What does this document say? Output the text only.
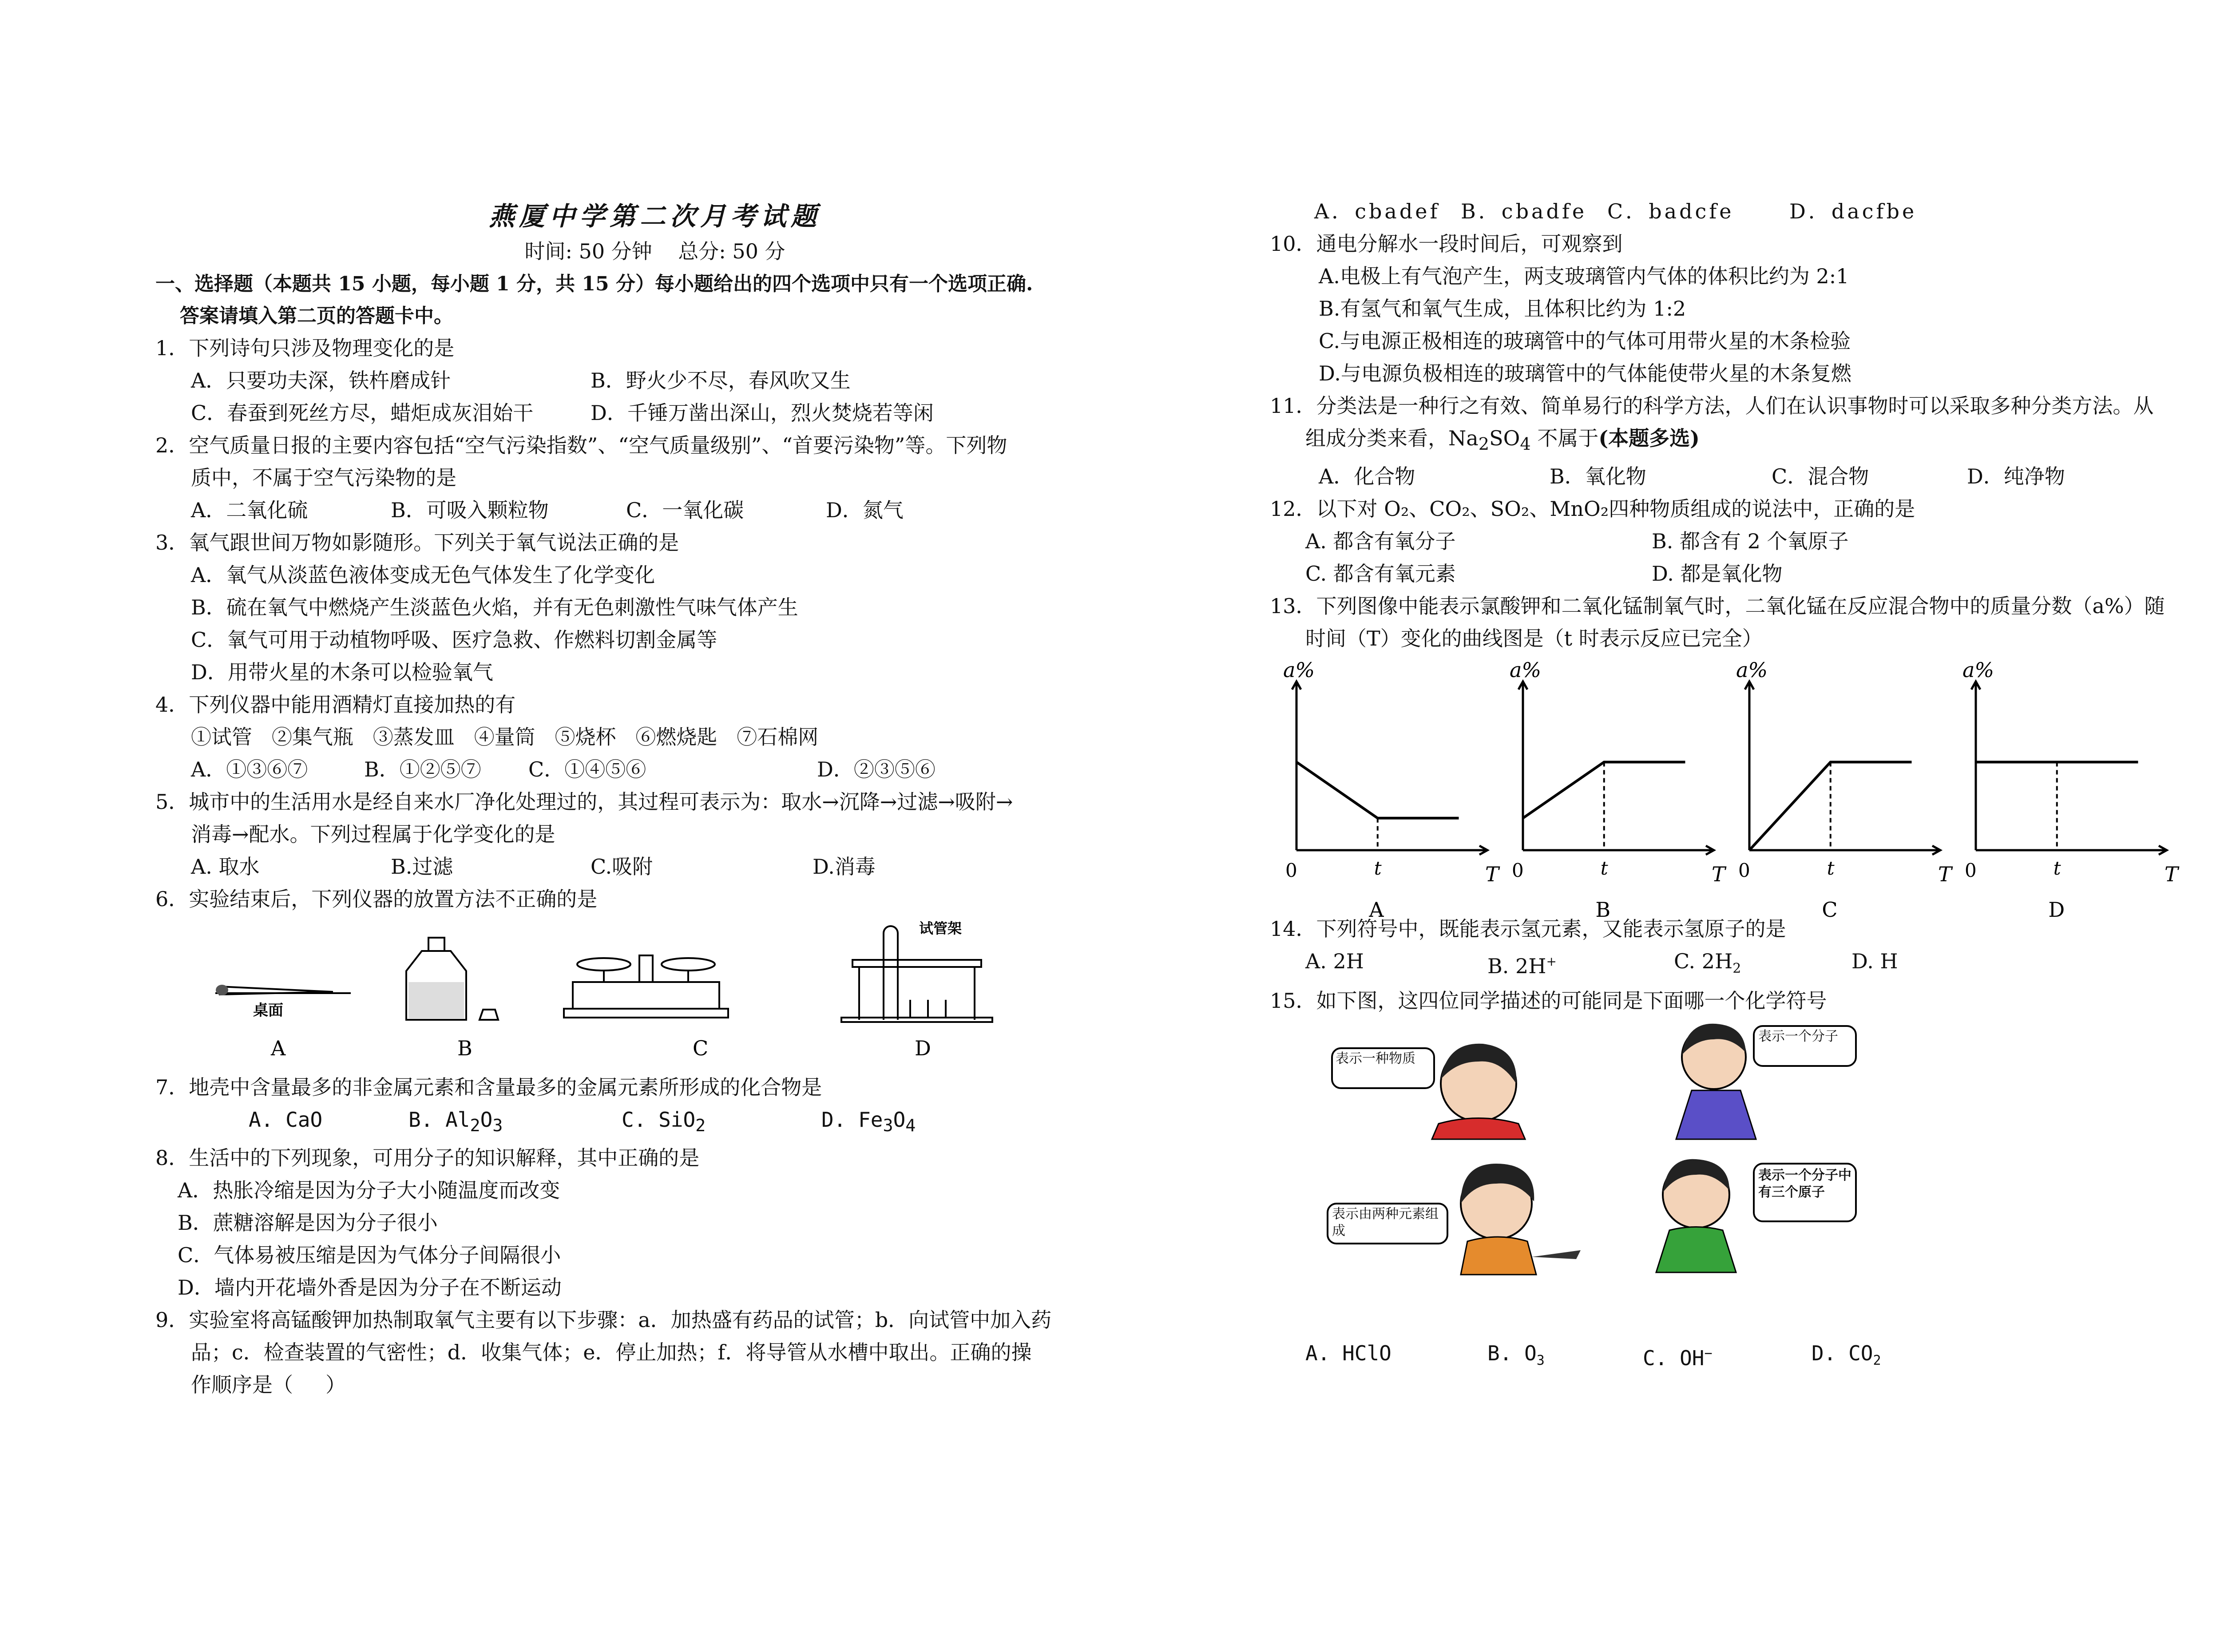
燕厦中学第二次月考试题
时间: 50 分钟    总分: 50 分
一、选择题（本题共 15 小题，每小题 1 分，共 15 分）每小题给出的四个选项中只有一个选项正确.
答案请填入第二页的答题卡中。
1．下列诗句只涉及物理变化的是
A．只要功夫深，铁杵磨成针	B．野火少不尽，春风吹又生
C．春蚕到死丝方尽，蜡炬成灰泪始干	D．千锤万凿出深山，烈火焚烧若等闲
2．空气质量日报的主要内容包括“空气污染指数”、“空气质量级别”、“首要污染物”等。下列物
质中，不属于空气污染物的是
A．二氧化硫	B．可吸入颗粒物	C．一氧化碳	D．氮气
3．氧气跟世间万物如影随形。下列关于氧气说法正确的是
A．氧气从淡蓝色液体变成无色气体发生了化学变化
B．硫在氧气中燃烧产生淡蓝色火焰，并有无色刺激性气味气体产生
C．氧气可用于动植物呼吸、医疗急救、作燃料切割金属等
D．用带火星的木条可以检验氧气
4．下列仪器中能用酒精灯直接加热的有
①试管   ②集气瓶   ③蒸发皿   ④量筒   ⑤烧杯   ⑥燃烧匙   ⑦石棉网
A．①③⑥⑦	B．①②⑤⑦	C．①④⑤⑥	D．②③⑤⑥
5．城市中的生活用水是经自来水厂净化处理过的，其过程可表示为：取水→沉降→过滤→吸附→
消毒→配水。下列过程属于化学变化的是
A. 取水	B.过滤	C.吸附	D.消毒
6．实验结束后，下列仪器的放置方法不正确的是
桌面
试管架
A	B	C	D
7．地壳中含量最多的非金属元素和含量最多的金属元素所形成的化合物是
A. CaO	B. $Al_2O_3$	C. SiO$_2$	D. $Fe_3O_4$
8．生活中的下列现象，可用分子的知识解释，其中正确的是
A．热胀冷缩是因为分子大小随温度而改变
B．蔗糖溶解是因为分子很小
C．气体易被压缩是因为气体分子间隔很小
D．墙内开花墙外香是因为分子在不断运动
9．实验室将高锰酸钾加热制取氧气主要有以下步骤：a．加热盛有药品的试管；b．向试管中加入药
品；c．检查装置的气密性；d．收集气体；e．停止加热；f．将导管从水槽中取出。正确的操
作顺序是（     ）
A．cbadef	B．cbadfe C．badcfe	D．dacfbe
10．通电分解水一段时间后，可观察到
A.电极上有气泡产生，两支玻璃管内气体的体积比约为 2:1
B.有氢气和氧气生成，且体积比约为 1:2
C.与电源正极相连的玻璃管中的气体可用带火星的木条检验
D.与电源负极相连的玻璃管中的气体能使带火星的木条复燃
11．分类法是一种行之有效、简单易行的科学方法，人们在认识事物时可以采取多种分类方法。从
组成分类来看，$Na_2SO_4$ 不属于(本题多选)
A．化合物	B．氧化物	C．混合物	D．纯净物
12．以下对 O₂、CO₂、SO₂、MnO₂四种物质组成的说法中，正确的是
A. 都含有氧分子	B. 都含有 2 个氧原子
C. 都含有氧元素	D. 都是氧化物
13．下列图像中能表示氯酸钾和二氧化锰制氧气时，二氧化锰在反应混合物中的质量分数（a%）随
时间（T）变化的曲线图是（t 时表示反应已完全）
a%
T
0	t
A
a%
T
0	t
B
a%
T
0	t
C
a%
T
0	t
D
14．下列符号中，既能表示氢元素，又能表示氢原子的是
A. 2H	B. 2H+	C. $2H_2$	D. H
15．如下图，这四位同学描述的可能同是下面哪一个化学符号
表示一种物质
表示一个分子
表示由两种元素组成
表示一个分子中有三个原子
A. HClO	B. $O_3$	C. OH−	D. $CO_2$
